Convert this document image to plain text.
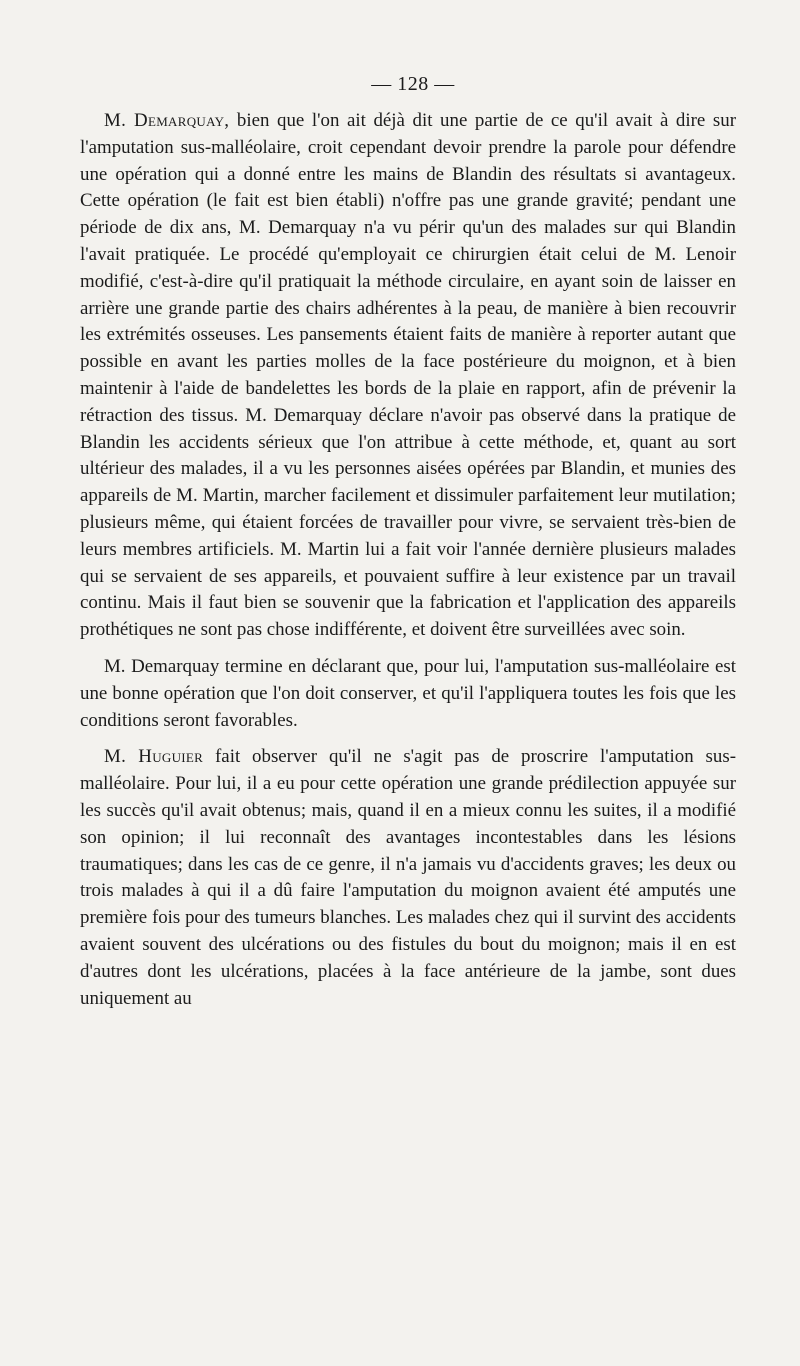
— 128 —

M. Demarquay, bien que l'on ait déjà dit une partie de ce qu'il avait à dire sur l'amputation sus-malléolaire, croit cependant devoir prendre la parole pour défendre une opération qui a donné entre les mains de Blandin des résultats si avantageux. Cette opération (le fait est bien établi) n'offre pas une grande gravité; pendant une période de dix ans, M. Demarquay n'a vu périr qu'un des malades sur qui Blandin l'avait pratiquée. Le procédé qu'employait ce chirurgien était celui de M. Lenoir modifié, c'est-à-dire qu'il pratiquait la méthode circulaire, en ayant soin de laisser en arrière une grande partie des chairs adhérentes à la peau, de manière à bien recouvrir les extrémités osseuses. Les pansements étaient faits de manière à reporter autant que possible en avant les parties molles de la face postérieure du moignon, et à bien maintenir à l'aide de bandelettes les bords de la plaie en rapport, afin de prévenir la rétraction des tissus. M. Demarquay déclare n'avoir pas observé dans la pratique de Blandin les accidents sérieux que l'on attribue à cette méthode, et, quant au sort ultérieur des malades, il a vu les personnes aisées opérées par Blandin, et munies des appareils de M. Martin, marcher facilement et dissimuler parfaitement leur mutilation; plusieurs même, qui étaient forcées de travailler pour vivre, se servaient très-bien de leurs membres artificiels. M. Martin lui a fait voir l'année dernière plusieurs malades qui se servaient de ses appareils, et pouvaient suffire à leur existence par un travail continu. Mais il faut bien se souvenir que la fabrication et l'application des appareils prothétiques ne sont pas chose indifférente, et doivent être surveillées avec soin.

M. Demarquay termine en déclarant que, pour lui, l'amputation sus-malléolaire est une bonne opération que l'on doit conserver, et qu'il l'appliquera toutes les fois que les conditions seront favorables.

M. Huguier fait observer qu'il ne s'agit pas de proscrire l'amputation sus-malléolaire. Pour lui, il a eu pour cette opération une grande prédilection appuyée sur les succès qu'il avait obtenus; mais, quand il en a mieux connu les suites, il a modifié son opinion; il lui reconnaît des avantages incontestables dans les lésions traumatiques; dans les cas de ce genre, il n'a jamais vu d'accidents graves; les deux ou trois malades à qui il a dû faire l'amputation du moignon avaient été amputés une première fois pour des tumeurs blanches. Les malades chez qui il survint des accidents avaient souvent des ulcérations ou des fistules du bout du moignon; mais il en est d'autres dont les ulcérations, placées à la face antérieure de la jambe, sont dues uniquement au
